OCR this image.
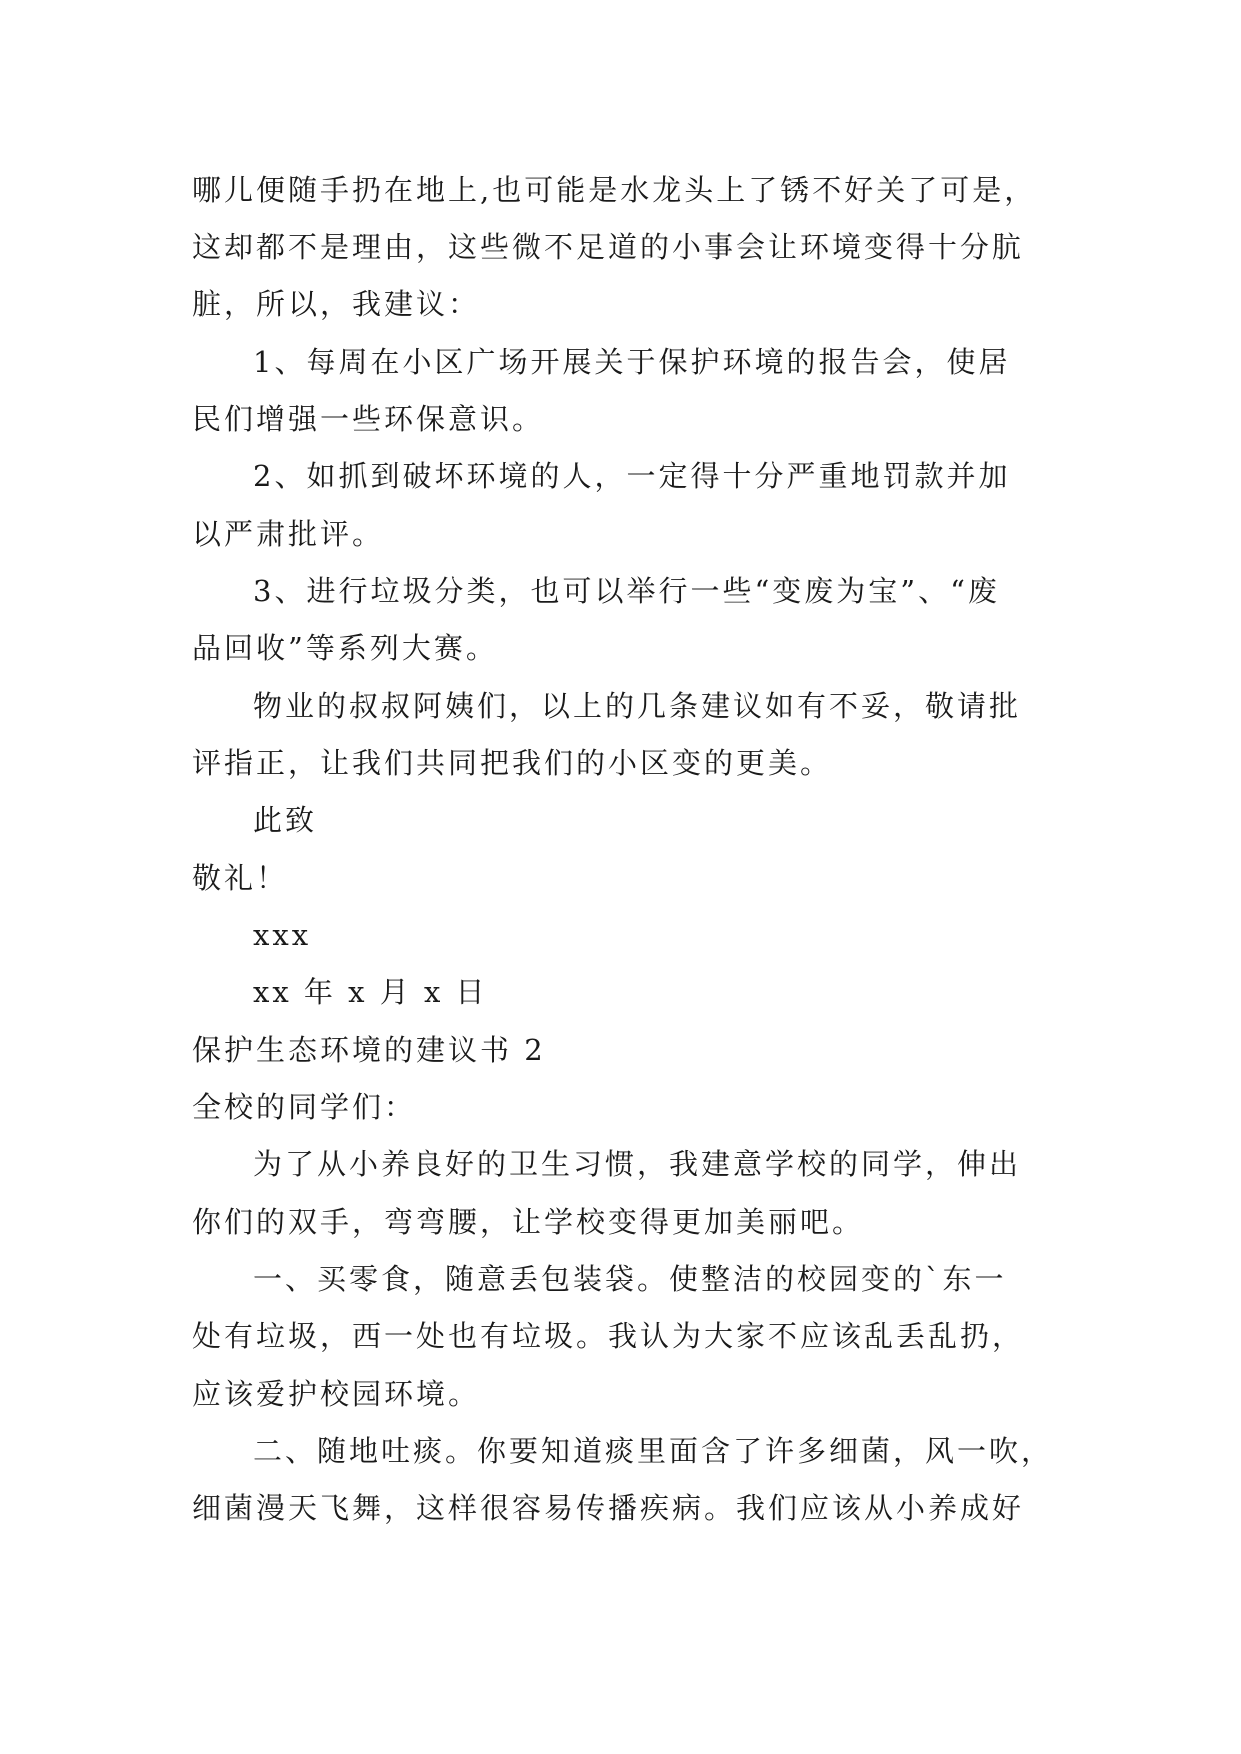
哪儿便随手扔在地上,也可能是水龙头上了锈不好关了可是，
这却都不是理由，这些微不足道的小事会让环境变得十分肮
脏，所以，我建议：
1、每周在小区广场开展关于保护环境的报告会，使居
民们增强一些环保意识。
2、如抓到破坏环境的人，一定得十分严重地罚款并加
以严肃批评。
3、进行垃圾分类，也可以举行一些“变废为宝”、“废
品回收”等系列大赛。
物业的叔叔阿姨们，以上的几条建议如有不妥，敬请批
评指正，让我们共同把我们的小区变的更美。
此致
敬礼！
xxx
xx 年 x 月 x 日
保护生态环境的建议书 2
全校的同学们：
为了从小养良好的卫生习惯，我建意学校的同学，伸出
你们的双手，弯弯腰，让学校变得更加美丽吧。
一、买零食，随意丢包装袋。使整洁的校园变的`东一
处有垃圾，西一处也有垃圾。我认为大家不应该乱丢乱扔，
应该爱护校园环境。
二、随地吐痰。你要知道痰里面含了许多细菌，风一吹，
细菌漫天飞舞，这样很容易传播疾病。我们应该从小养成好
